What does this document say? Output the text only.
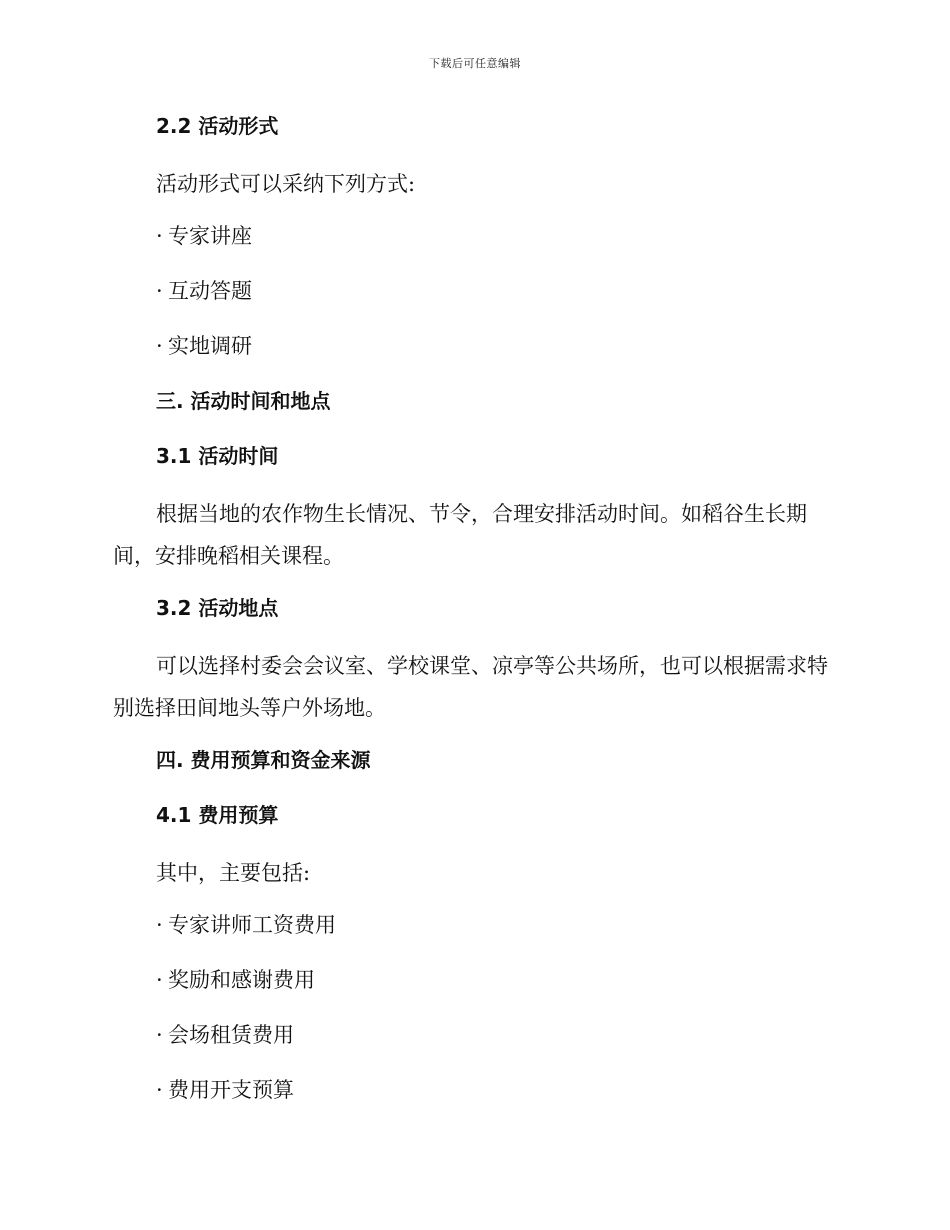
下载后可任意编辑
2.2 活动形式
活动形式可以采纳下列方式:
· 专家讲座
· 互动答题
· 实地调研
三. 活动时间和地点
3.1 活动时间
根据当地的农作物生长情况、节令，合理安排活动时间。如稻谷生长期间，安排晚稻相关课程。
3.2 活动地点
可以选择村委会会议室、学校课堂、凉亭等公共场所，也可以根据需求特别选择田间地头等户外场地。
四. 费用预算和资金来源
4.1 费用预算
其中，主要包括:
· 专家讲师工资费用
· 奖励和感谢费用
· 会场租赁费用
· 费用开支预算
